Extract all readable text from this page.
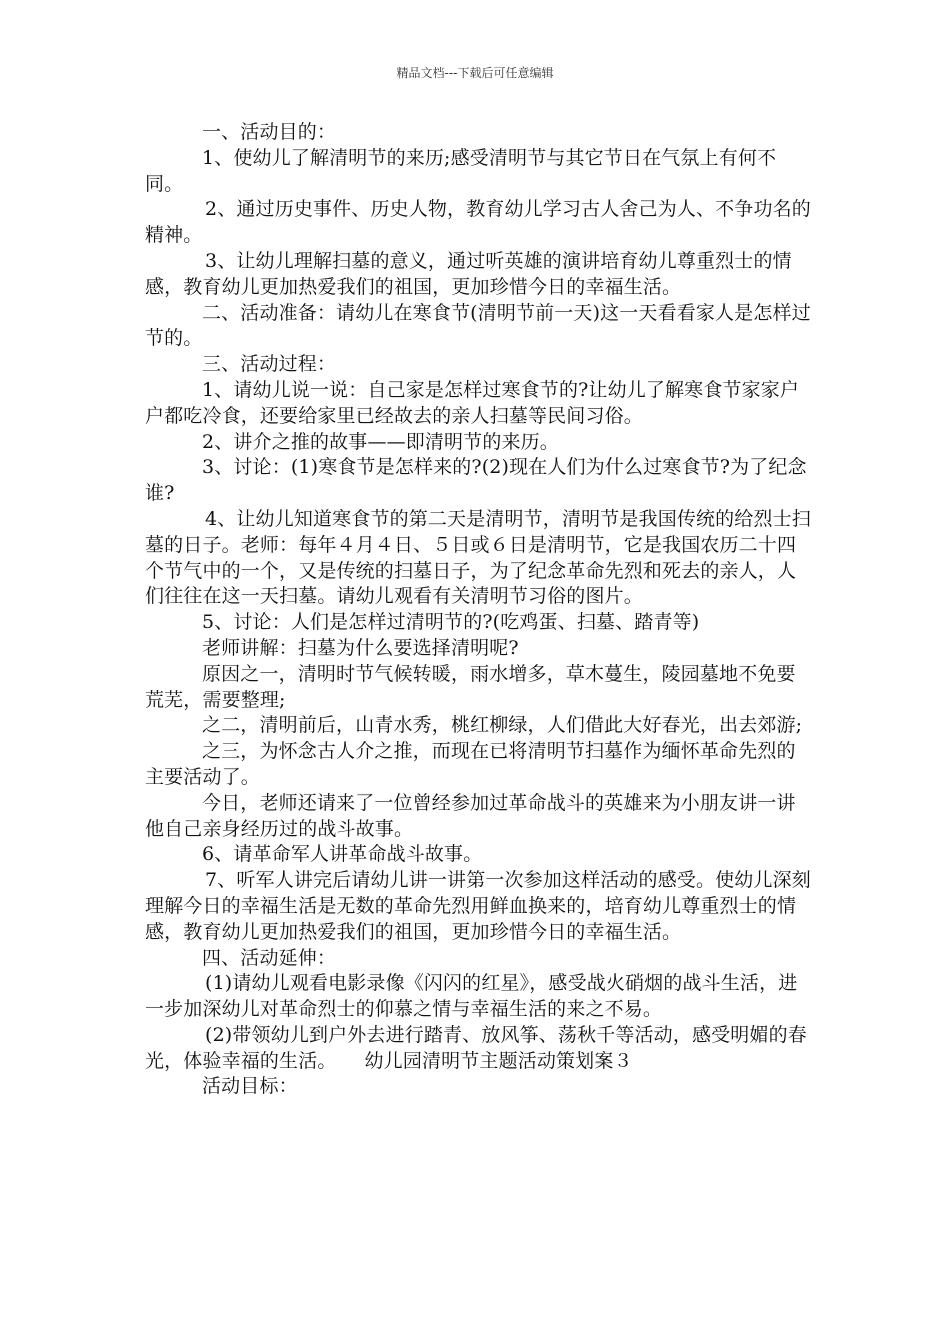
精品文档---下载后可任意编辑

一、活动目的：

1、使幼儿了解清明节的来历;感受清明节与其它节日在气氛上有何不同。

2、通过历史事件、历史人物，教育幼儿学习古人舍己为人、不争功名的精神。

3、让幼儿理解扫墓的意义，通过听英雄的演讲培育幼儿尊重烈士的情感，教育幼儿更加热爱我们的祖国，更加珍惜今日的幸福生活。

二、活动准备：请幼儿在寒食节(清明节前一天)这一天看看家人是怎样过节的。

三、活动过程：

1、请幼儿说一说：自己家是怎样过寒食节的?让幼儿了解寒食节家家户户都吃冷食，还要给家里已经故去的亲人扫墓等民间习俗。

2、讲介之推的故事——即清明节的来历。

3、讨论：(1)寒食节是怎样来的?(2)现在人们为什么过寒食节?为了纪念谁?

4、让幼儿知道寒食节的第二天是清明节，清明节是我国传统的给烈士扫墓的日子。老师：每年４月４日、５日或６日是清明节，它是我国农历二十四个节气中的一个，又是传统的扫墓日子，为了纪念革命先烈和死去的亲人，人们往往在这一天扫墓。请幼儿观看有关清明节习俗的图片。

5、讨论：人们是怎样过清明节的?(吃鸡蛋、扫墓、踏青等)

老师讲解：扫墓为什么要选择清明呢?

原因之一，清明时节气候转暖，雨水增多，草木蔓生，陵园墓地不免要荒芜，需要整理;

之二，清明前后，山青水秀，桃红柳绿，人们借此大好春光，出去郊游;

之三，为怀念古人介之推，而现在已将清明节扫墓作为缅怀革命先烈的主要活动了。

今日，老师还请来了一位曾经参加过革命战斗的英雄来为小朋友讲一讲他自己亲身经历过的战斗故事。

6、请革命军人讲革命战斗故事。

7、听军人讲完后请幼儿讲一讲第一次参加这样活动的感受。使幼儿深刻理解今日的幸福生活是无数的革命先烈用鲜血换来的，培育幼儿尊重烈士的情感，教育幼儿更加热爱我们的祖国，更加珍惜今日的幸福生活。

四、活动延伸：

(1)请幼儿观看电影录像《闪闪的红星》，感受战火硝烟的战斗生活，进一步加深幼儿对革命烈士的仰慕之情与幸福生活的来之不易。

(2)带领幼儿到户外去进行踏青、放风筝、荡秋千等活动，感受明媚的春光，体验幸福的生活。 幼儿园清明节主题活动策划案３

活动目标：
